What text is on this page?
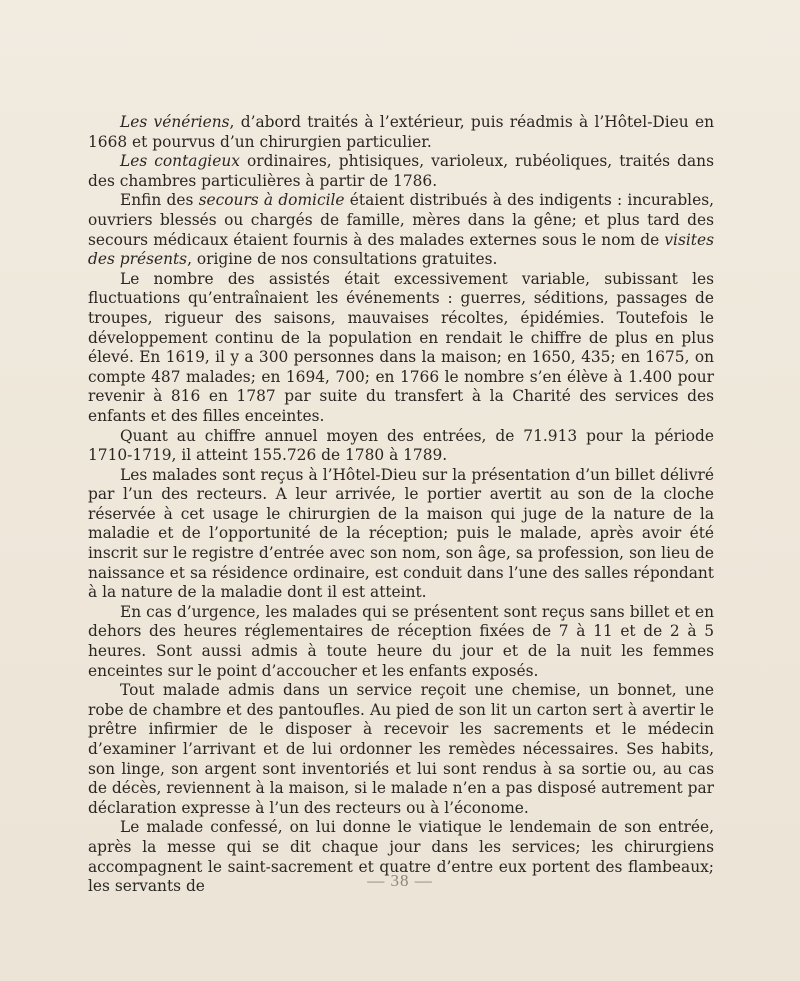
Les vénériens, d’abord traités à l’extérieur, puis réadmis à l’Hôtel-Dieu en 1668 et pourvus d’un chirurgien particulier.

Les contagieux ordinaires, phtisiques, varioleux, rubéoliques, traités dans des chambres particulières à partir de 1786.

Enfin des secours à domicile étaient distribués à des indigents : incurables, ouvriers blessés ou chargés de famille, mères dans la gêne; et plus tard des secours médicaux étaient fournis à des malades externes sous le nom de visites des présents, origine de nos consultations gratuites.

Le nombre des assistés était excessivement variable, subissant les fluctuations qu’entraînaient les événements : guerres, séditions, passages de troupes, rigueur des saisons, mauvaises récoltes, épidémies. Toutefois le développement continu de la population en rendait le chiffre de plus en plus élevé. En 1619, il y a 300 personnes dans la maison; en 1650, 435; en 1675, on compte 487 malades; en 1694, 700; en 1766 le nombre s’en élève à 1.400 pour revenir à 816 en 1787 par suite du transfert à la Charité des services des enfants et des filles enceintes.

Quant au chiffre annuel moyen des entrées, de 71.913 pour la période 1710-1719, il atteint 155.726 de 1780 à 1789.

Les malades sont reçus à l’Hôtel-Dieu sur la présentation d’un billet délivré par l’un des recteurs. A leur arrivée, le portier avertit au son de la cloche réservée à cet usage le chirurgien de la maison qui juge de la nature de la maladie et de l’opportunité de la réception; puis le malade, après avoir été inscrit sur le registre d’entrée avec son nom, son âge, sa profession, son lieu de naissance et sa résidence ordinaire, est conduit dans l’une des salles répondant à la nature de la maladie dont il est atteint.

En cas d’urgence, les malades qui se présentent sont reçus sans billet et en dehors des heures réglementaires de réception fixées de 7 à 11 et de 2 à 5 heures. Sont aussi admis à toute heure du jour et de la nuit les femmes enceintes sur le point d’accoucher et les enfants exposés.

Tout malade admis dans un service reçoit une chemise, un bonnet, une robe de chambre et des pantoufles. Au pied de son lit un carton sert à avertir le prêtre infirmier de le disposer à recevoir les sacrements et le médecin d’examiner l’arrivant et de lui ordonner les remèdes nécessaires. Ses habits, son linge, son argent sont inventoriés et lui sont rendus à sa sortie ou, au cas de décès, reviennent à la maison, si le malade n’en a pas disposé autrement par déclaration expresse à l’un des recteurs ou à l’économe.

Le malade confessé, on lui donne le viatique le lendemain de son entrée, après la messe qui se dit chaque jour dans les services; les chirurgiens accompagnent le saint-sacrement et quatre d’entre eux portent des flambeaux; les servants de	— 38 —
